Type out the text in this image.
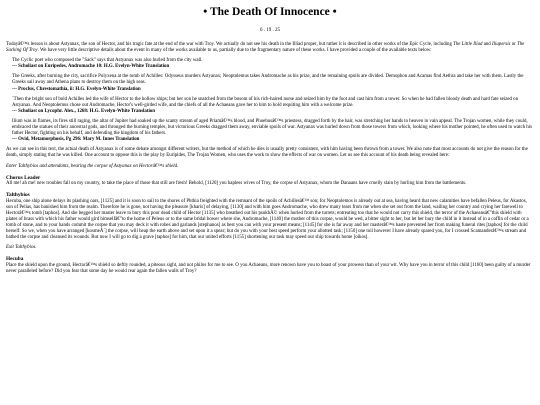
• The Death Of Innocence •
6 . 19 . 25

Todayâ€™s lesson is about Astyanax, the son of Hector, and his tragic fate at the end of the war with Troy. We actually do not see his death in the Illiad proper, but rather it is described in other works of the Epic Cycle, including The Little Iliad and Iliupersis or The Sacking Of Troy. We have very little descriptive details about the event in many of the works available to us, partially due to the fragmentary nature of these works. I have provided a couple of the available texts below:

The Cyclic poet who composed the "Sack" says that Astyanax was also hurled from the city wall.
--- Scholiast on Euripedes, Andromache 10: H.G. Evelyn-White Translation
The Greeks, after burning the city, sacrifice Polyxena at the tomb of Achilles: Odysseus murders Astyanax; Neoptolemus takes Andromache as his prize, and the remaining spoils are divided. Demophon and Acamas find Aethra and take her with them. Lastly the Greeks sail away and Athena plans to destroy them on the high seas.
--- Proclus, Chrestomathia, ii: H.G. Evelyn-White Translation
`Then the bright son of bold Achilles led the wife of Hector to the hollow ships; but her son he snatched from the bosom of his rich-haired nurse and seized him by the foot and cast him from a tower. So when he had fallen bloody death and hard fate seized on Astyanax. And Neoptolemus chose out Andromache, Hector's well-girded wife, and the chiefs of all the Achaeans gave her to him to hold requiting him with a welcome prize.
--- Scholiast on Lycophr. Alex., 1268: H.G. Evelyn-White Translation
Ilium was in flames, its fires still raging, the altar of Jupiter had soaked up the scanty stream of aged Priamâ€™s blood, and Phoebusâ€™s priestess, dragged forth by the hair, was stretching her hands to heaven in vain appeal. The Trojan women, while they could, embraced the statues of their ancestral gods, and thronged the burning temples, but victorious Greeks dragged them away, enviable spoils of war. Astyanax was hurled down from those towers from which, looking where his mother pointed, he often used to watch his father Hector, fighting on his behalf, and defending the kingdom of his fathers.
--- Ovid, Metamorphosis, Pg 296: Mary M. Innes Translation

As we can see in this text, the actual death of Astyanax is of some debate amongst different writers, but the method of which he dies is usually pretty consistent, with him having been thrown from a tower. We also note that most accounts do not give the reason for the death, simply stating that he was killed. One account to oppose this is the play by Euripides, The Trojan Women, who uses the work to show the effects of war on women. Let us see this account of his death being revealed here:

Enter Talthybios and attendants, bearing the corpse of Astyanax on Hectorâ€™s shield.

Chorus Leader

All me! ah me! new troubles fall on my country, to take the place of those that still are fresh! Behold, [1120] you hapless wives of Troy, the corpse of Astyanax, whom the Danaans have cruelly slain by hurling him from the battlements.

Talthybios

Hecuba, one ship alone delays its plashing oars, [1125] and it is soon to sail to the shores of Phthia freighted with the remnant of the spoils of Achillesâ€™ son; for Neoptolemos is already out at sea, having heard that new calamities have befallen Peleus, for Akastos, son of Pelias, has banished him from the realm. Therefore he is gone, not having the pleasure [kharis] of delaying, [1130] and with him goes Andromache, who drew many tears from me when she set out from the land, wailing her country and crying her farewell to Hectorâ€™s tomb [taphos]. And she begged her master leave to bury this poor dead child of Hector [1135] who breathed out his psukhÃ© when hurled from the turrets; entreating too that he would not carry this shield, the terror of the Achaeansâ€”this shield with plates of brass with which his father would gird himselfâ€”to the home of Peleus or to the same bridal bower where she, Andromache, [1140] the mother of this corpse, would be wed, a bitter sight to her, but let her bury the child in it instead of in a coffin of cedar or a tomb of stone, and to your hands commit the corpse that you may deck it with robes and garlands [stephanos] as best you can with your present means; [1145] for she is far away and her masterâ€™s haste prevented her from making funeral rites [taphos] for the child herself. So we, when you have arranged [kosmeÃ´] the corpse, will heap the earth above and set upon it a spear; but do you with your best speed perform your allotted task; [1150] one toil however I have already spared you, for I crossed Scamanderâ€™s stream and bathed the corpse and cleansed its wounds. But now I will go to dig a grave [taphos] for him, that our united efforts [1155] shortening our task may speed our ship towards home [oikos].

Exit Talthybios.

Hecuba

Place the shield upon the ground, Hectorâ€™s shield so deftly rounded, a piteous sight, and not philos for me to see. O you Achaeans, more renown have you to boast of your prowess than of your wit. Why have you in terror of this child [1160] been guilty of a murder never paralleled before? Did you fear that some day he would rear again the fallen walls of Troy?
